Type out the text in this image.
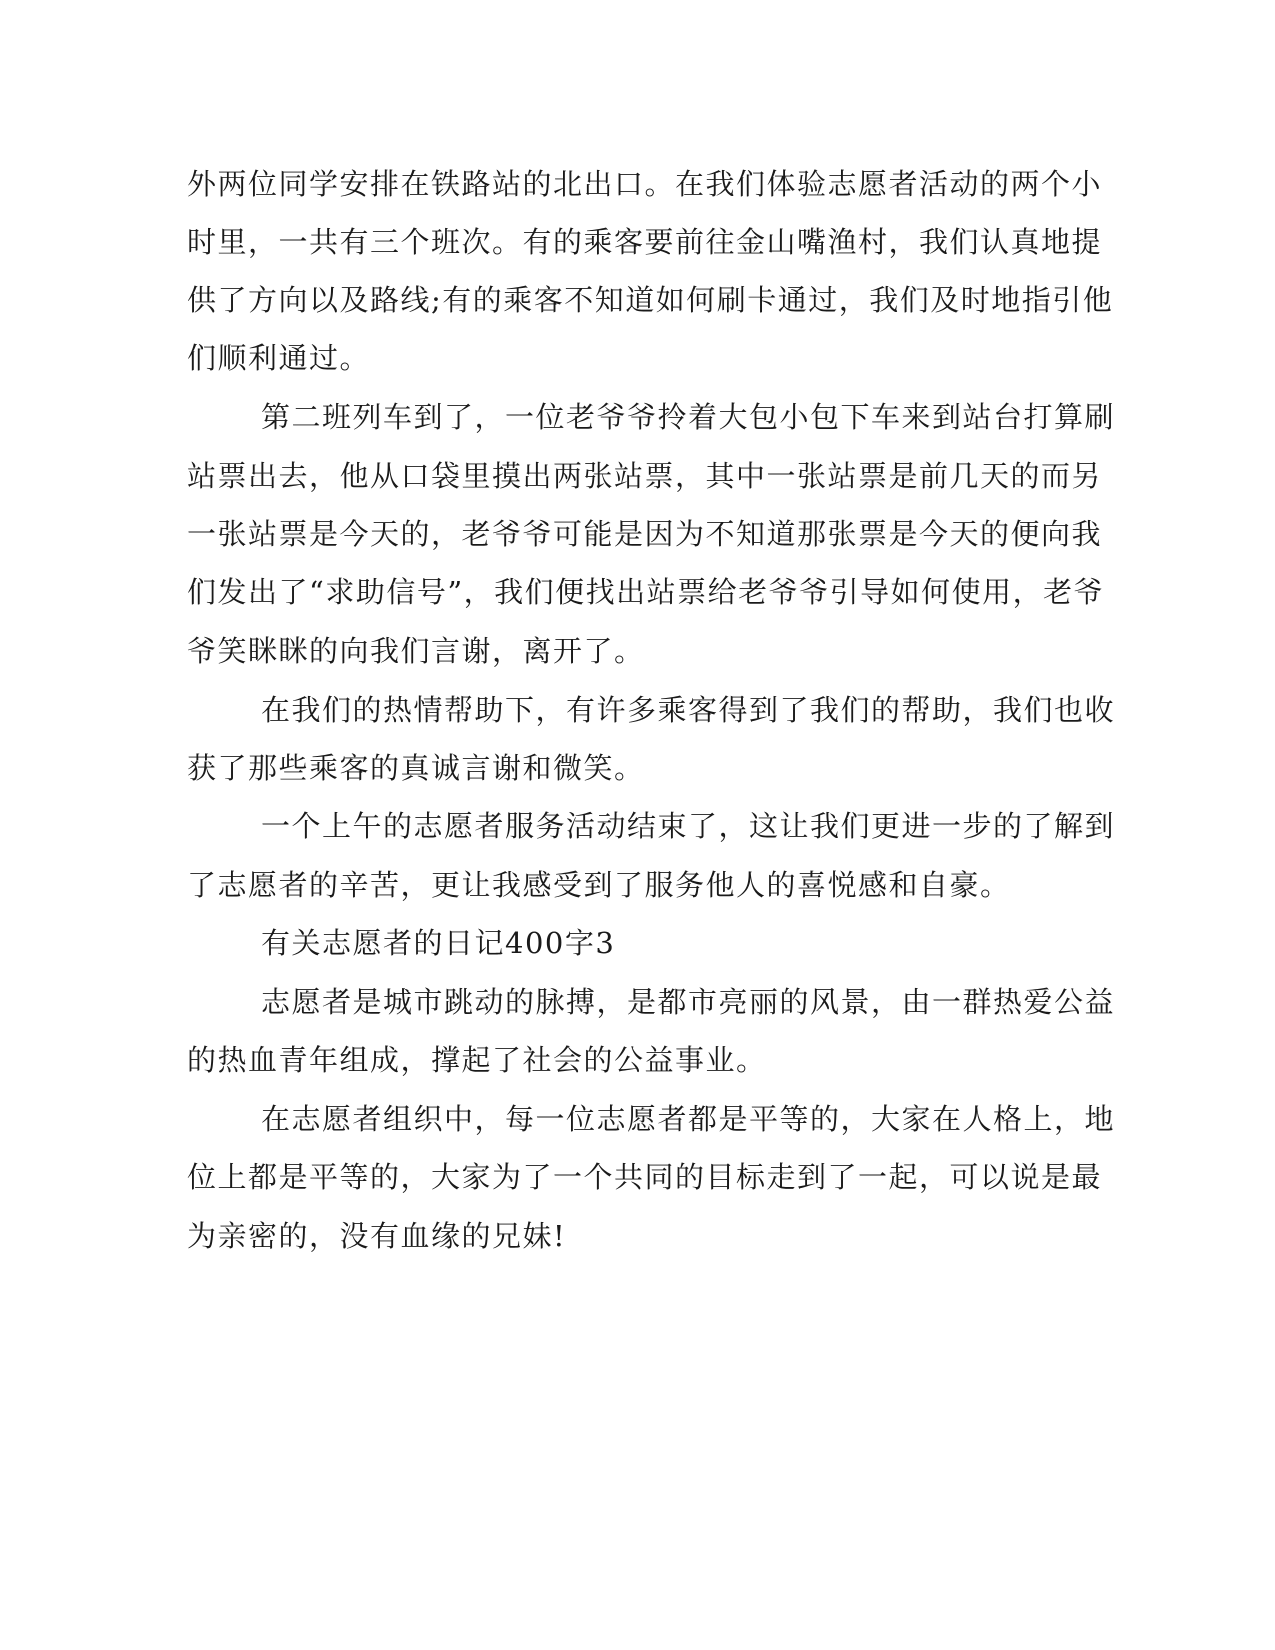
外两位同学安排在铁路站的北出口。在我们体验志愿者活动的两个小
时里，一共有三个班次。有的乘客要前往金山嘴渔村，我们认真地提
供了方向以及路线;有的乘客不知道如何刷卡通过，我们及时地指引他
们顺利通过。
第二班列车到了，一位老爷爷拎着大包小包下车来到站台打算刷
站票出去，他从口袋里摸出两张站票，其中一张站票是前几天的而另
一张站票是今天的，老爷爷可能是因为不知道那张票是今天的便向我
们发出了“求助信号”，我们便找出站票给老爷爷引导如何使用，老爷
爷笑眯眯的向我们言谢，离开了。
在我们的热情帮助下，有许多乘客得到了我们的帮助，我们也收
获了那些乘客的真诚言谢和微笑。
一个上午的志愿者服务活动结束了，这让我们更进一步的了解到
了志愿者的辛苦，更让我感受到了服务他人的喜悦感和自豪。
有关志愿者的日记400字3
志愿者是城市跳动的脉搏，是都市亮丽的风景，由一群热爱公益
的热血青年组成，撑起了社会的公益事业。
在志愿者组织中，每一位志愿者都是平等的，大家在人格上，地
位上都是平等的，大家为了一个共同的目标走到了一起，可以说是最
为亲密的，没有血缘的兄妹!
